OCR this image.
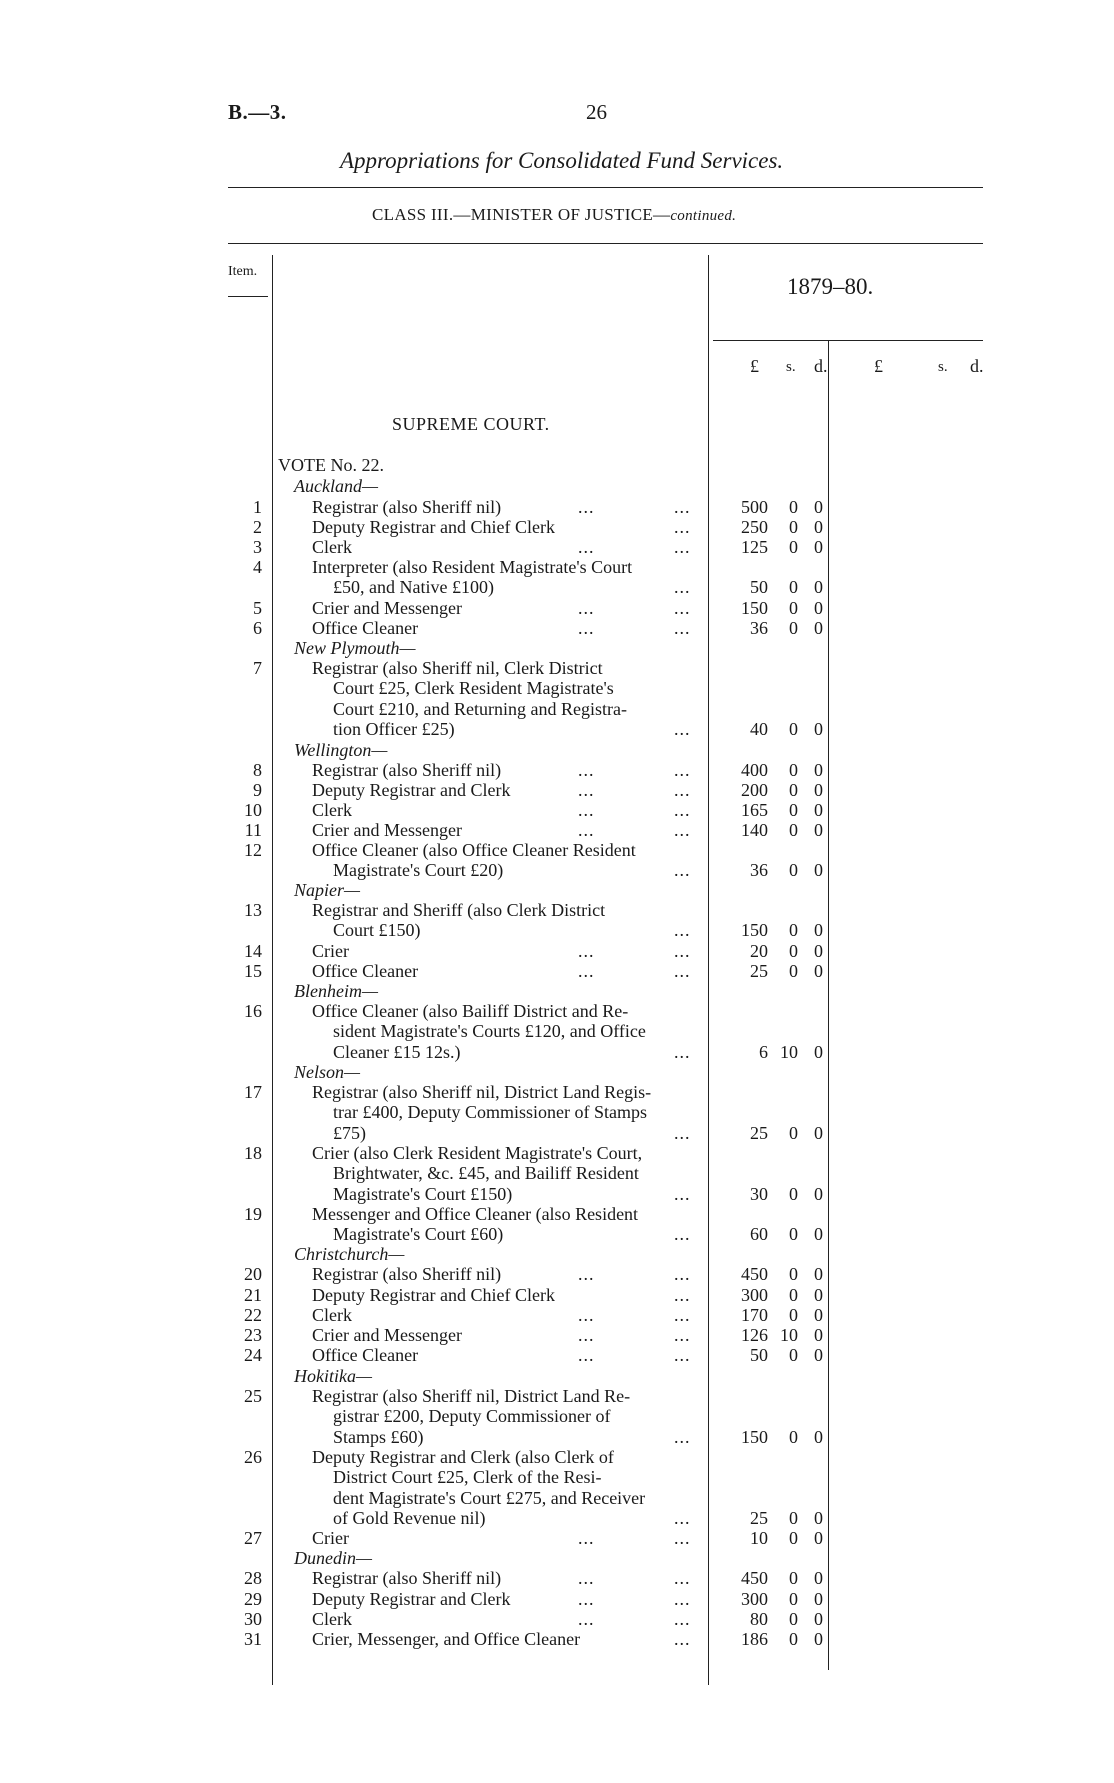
B.—3.	26
Appropriations for Consolidated Fund Services.
CLASS III.—MINISTER OF JUSTICE—continued.
Item.
1879–80.
£ s. d.	£	s. d.
SUPREME COURT.
VOTE No. 22.
Auckland—
1	Registrar (also Sheriff nil)	...	...	500	0 0
2	Deputy Registrar and Chief Clerk	...	250	0 0
3	Clerk	...	...	125	0 0
4	Interpreter (also Resident Magistrate's Court
£50, and Native £100)	...	50	0 0
5	Crier and Messenger	...	...	150	0 0
6	Office Cleaner	...	...	36	0 0
New Plymouth—
7	Registrar (also Sheriff nil, Clerk District
Court £25, Clerk Resident Magistrate's
Court £210, and Returning and Registra-
tion Officer £25)	...	40	0 0
Wellington—
8	Registrar (also Sheriff nil)	...	...	400	0 0
9	Deputy Registrar and Clerk	...	...	200	0 0
10	Clerk	...	...	165	0 0
11	Crier and Messenger	...	...	140	0 0
12	Office Cleaner (also Office Cleaner Resident
Magistrate's Court £20)	...	36	0 0
Napier—
13	Registrar and Sheriff (also Clerk District
Court £150)	...	150	0 0
14	Crier	...	...	20	0 0
15	Office Cleaner	...	...	25	0 0
Blenheim—
16	Office Cleaner (also Bailiff District and Re-
sident Magistrate's Courts £120, and Office
Cleaner £15 12s.)	...	6 10 0
Nelson—
17	Registrar (also Sheriff nil, District Land Regis-
trar £400, Deputy Commissioner of Stamps
£75)	...	25	0 0
18	Crier (also Clerk Resident Magistrate's Court,
Brightwater, &c. £45, and Bailiff Resident
Magistrate's Court £150)	...	30	0 0
19	Messenger and Office Cleaner (also Resident
Magistrate's Court £60)	...	60	0 0
Christchurch—
20	Registrar (also Sheriff nil)	...	...	450	0 0
21	Deputy Registrar and Chief Clerk	...	300	0 0
22	Clerk	...	...	170	0 0
23	Crier and Messenger	...	...	126 10 0
24	Office Cleaner	...	...	50	0 0
Hokitika—
25	Registrar (also Sheriff nil, District Land Re-
gistrar £200, Deputy Commissioner of
Stamps £60)	...	150	0 0
26	Deputy Registrar and Clerk (also Clerk of
District Court £25, Clerk of the Resi-
dent Magistrate's Court £275, and Receiver
of Gold Revenue nil)	...	25	0 0
27	Crier	...	...	10	0 0
Dunedin—
28	Registrar (also Sheriff nil)	...	...	450	0 0
29	Deputy Registrar and Clerk	...	...	300	0 0
30	Clerk	...	...	80	0 0
31	Crier, Messenger, and Office Cleaner	...	186	0 0
